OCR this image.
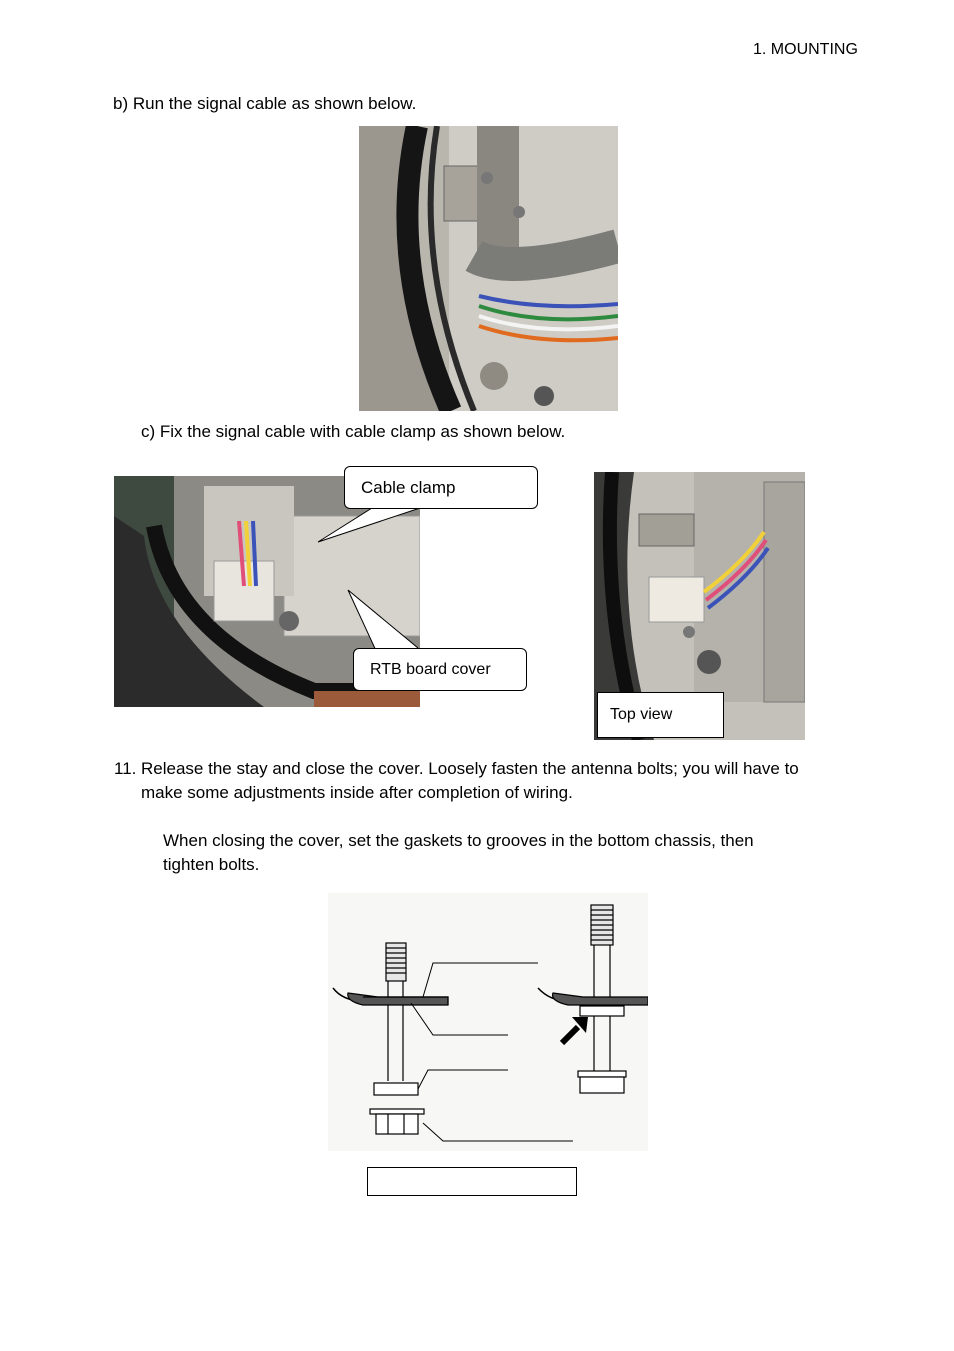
1. MOUNTING
b) Run the signal cable as shown below.
c) Fix the signal cable with cable clamp as shown below.
Cable clamp
RTB board cover
Top view
11. Release the stay and close the cover. Loosely fasten the antenna bolts; you will have to
make some adjustments inside after completion of wiring.
When closing the cover, set the gaskets to grooves in the bottom chassis, then
tighten bolts.
